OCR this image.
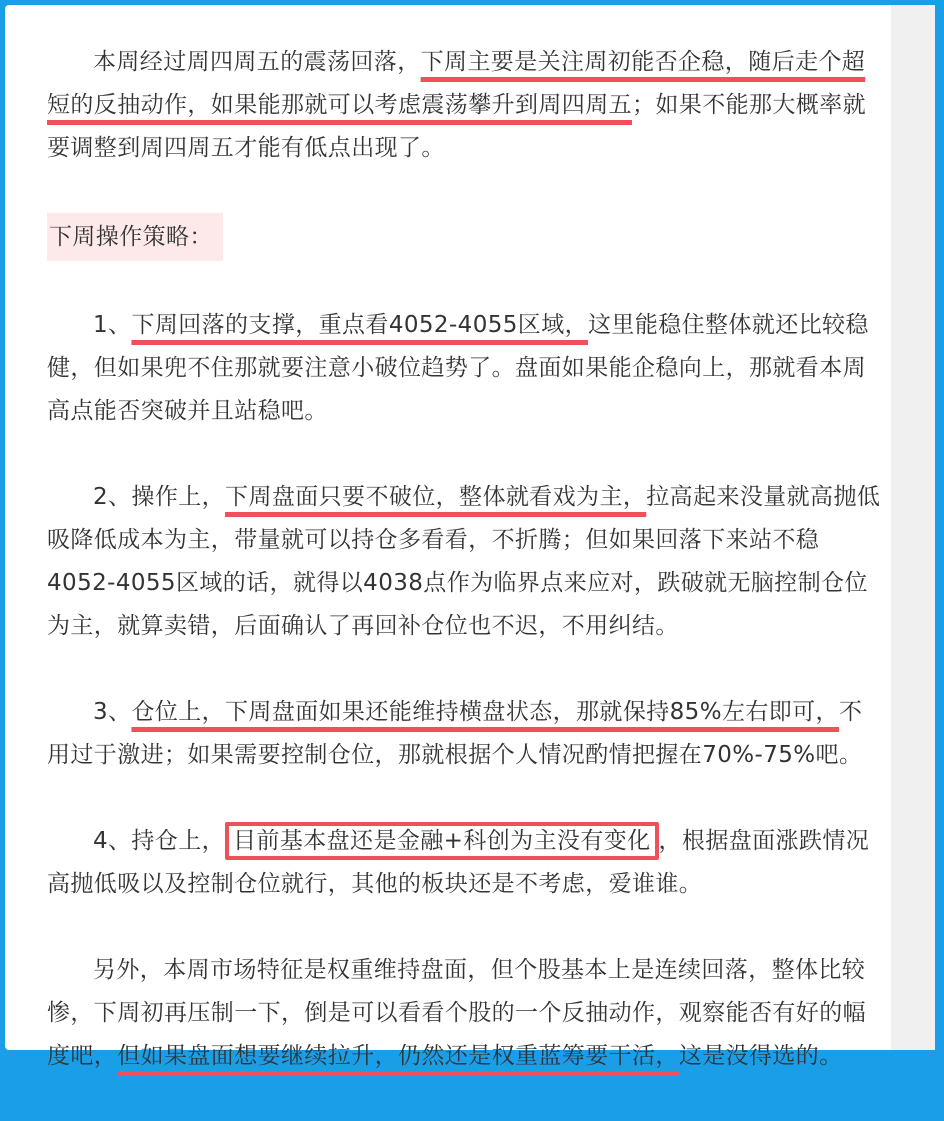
本周经过周四周五的震荡回落，下周主要是关注周初能否企稳，随后走个超短的反抽动作，如果能那就可以考虑震荡攀升到周四周五；如果不能那大概率就要调整到周四周五才能有低点出现了。

下周操作策略：

1、下周回落的支撑，重点看4052-4055区域，这里能稳住整体就还比较稳健，但如果兜不住那就要注意小破位趋势了。盘面如果能企稳向上，那就看本周高点能否突破并且站稳吧。

2、操作上，下周盘面只要不破位，整体就看戏为主，拉高起来没量就高抛低吸降低成本为主，带量就可以持仓多看看，不折腾；但如果回落下来站不稳4052-4055区域的话，就得以4038点作为临界点来应对，跌破就无脑控制仓位为主，就算卖错，后面确认了再回补仓位也不迟，不用纠结。

3、仓位上，下周盘面如果还能维持横盘状态，那就保持85%左右即可，不用过于激进；如果需要控制仓位，那就根据个人情况酌情把握在70%-75%吧。

4、持仓上， 目前基本盘还是金融+科创为主没有变化 ，根据盘面涨跌情况高抛低吸以及控制仓位就行，其他的板块还是不考虑，爱谁谁。

另外，本周市场特征是权重维持盘面，但个股基本上是连续回落，整体比较惨，下周初再压制一下，倒是可以看看个股的一个反抽动作，观察能否有好的幅度吧，但如果盘面想要继续拉升，仍然还是权重蓝筹要干活，这是没得选的。
